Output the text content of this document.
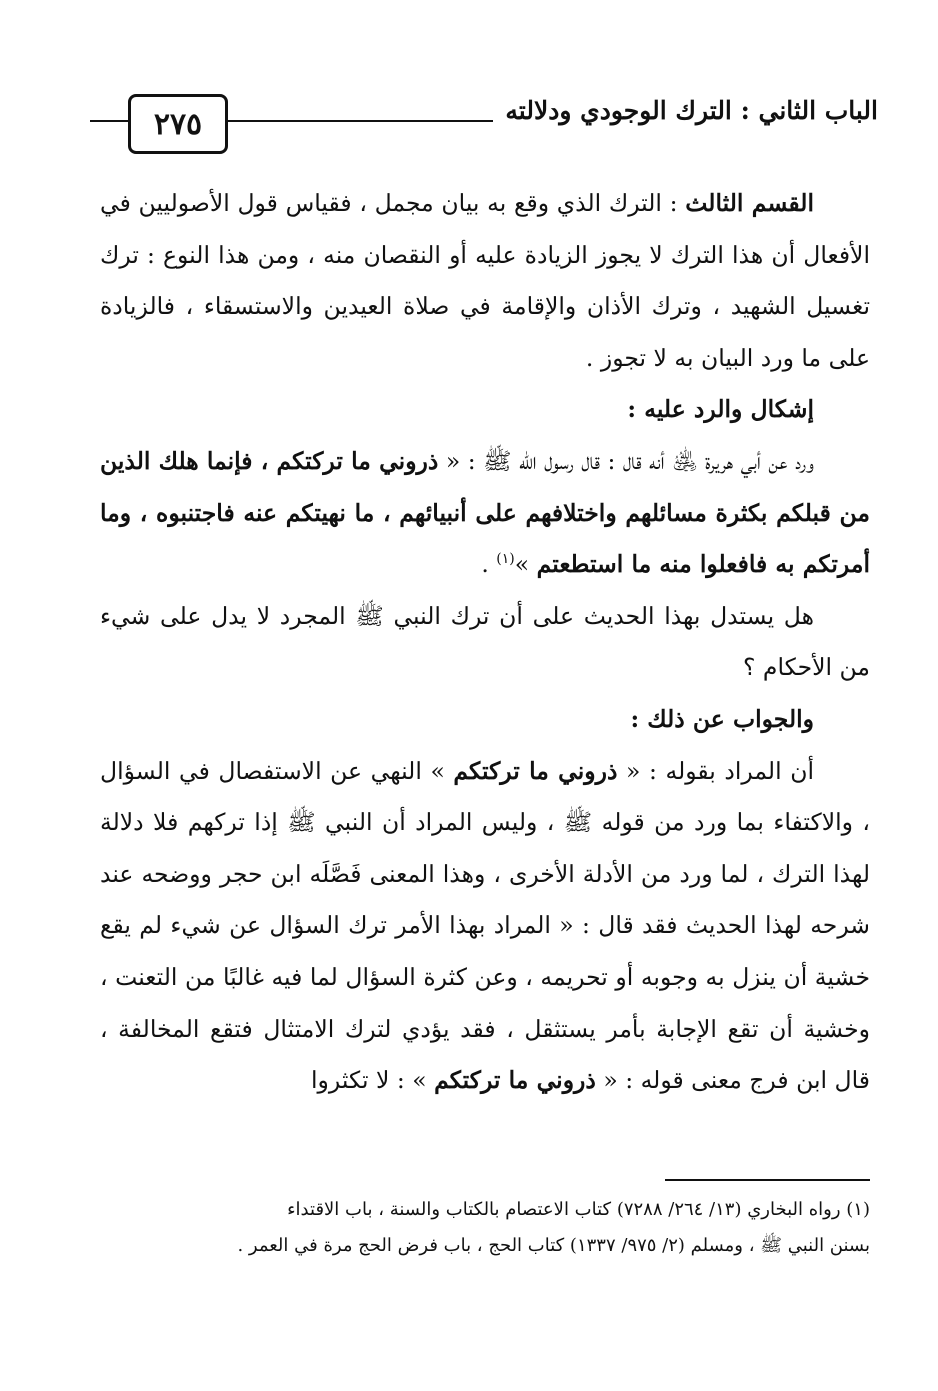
٢٧٥	الباب الثاني : الترك الوجودي ودلالته

القسم الثالث : الترك الذي وقع به بيان مجمل ، فقياس قول الأصوليين في الأفعال أن هذا الترك لا يجوز الزيادة عليه أو النقصان منه ، ومن هذا النوع : ترك تغسيل الشهيد ، وترك الأذان والإقامة في صلاة العيدين والاستسقاء ، فالزيادة على ما ورد البيان به لا تجوز .

إشكال والرد عليه :

ورد عن أبي هريرة ﵁ أنه قال : قال رسول الله ﷺ : « ذروني ما تركتكم ، فإنما هلك الذين من قبلكم بكثرة مسائلهم واختلافهم على أنبيائهم ، ما نهيتكم عنه فاجتنبوه ، وما أمرتكم به فافعلوا منه ما استطعتم »$^{(١)}$ .

هل يستدل بهذا الحديث على أن ترك النبي ﷺ المجرد لا يدل على شيء من الأحكام ؟

والجواب عن ذلك :

أن المراد بقوله : « ذروني ما تركتكم » النهي عن الاستفصال في السؤال ، والاكتفاء بما ورد من قوله ﷺ ، وليس المراد أن النبي ﷺ إذا تركهم فلا دلالة لهذا الترك ، لما ورد من الأدلة الأخرى ، وهذا المعنى فَصَّلَه ابن حجر ووضحه عند شرحه لهذا الحديث فقد قال : « المراد بهذا الأمر ترك السؤال عن شيء لم يقع خشية أن ينزل به وجوبه أو تحريمه ، وعن كثرة السؤال لما فيه غالبًا من التعنت ، وخشية أن تقع الإجابة بأمر يستثقل ، فقد يؤدي لترك الامتثال فتقع المخالفة ، قال ابن فرج معنى قوله : « ذروني ما تركتكم » : لا تكثروا

(١) رواه البخاري (١٣/ ٢٦٤/ ٧٢٨٨) كتاب الاعتصام بالكتاب والسنة ، باب الاقتداء

بسنن النبي ﷺ ، ومسلم (٢/ ٩٧٥/ ١٣٣٧) كتاب الحج ، باب فرض الحج مرة في العمر .
